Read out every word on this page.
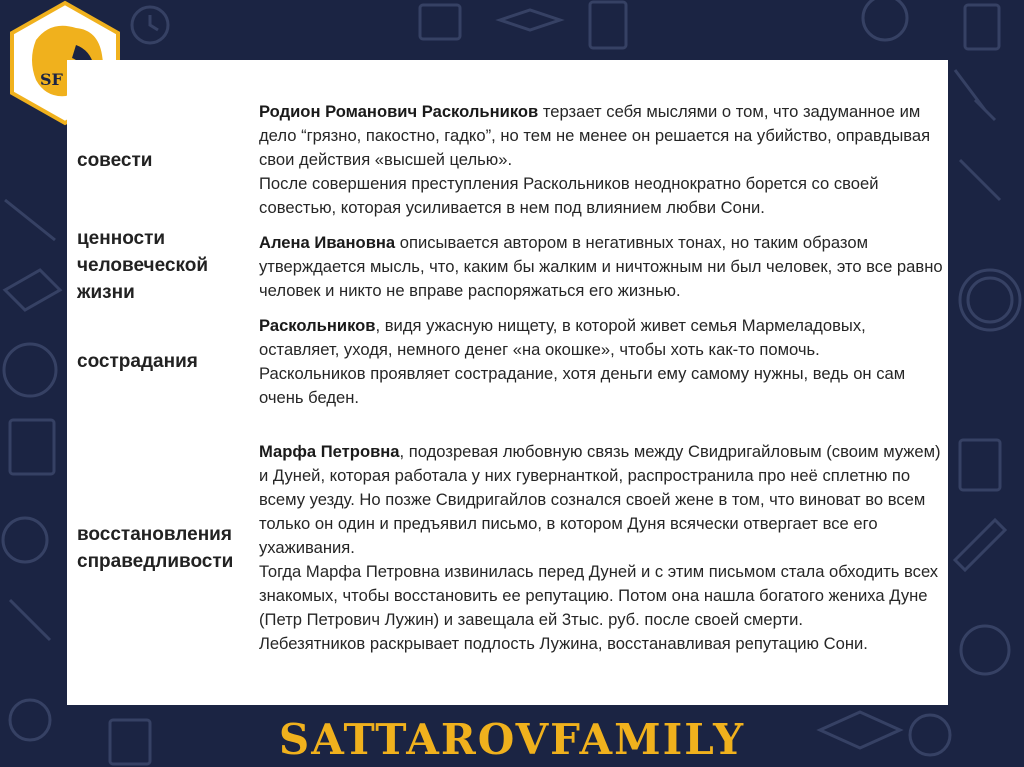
SF
совести
Родион Романович Раскольников терзает себя мыслями о том, что задуманное им дело “грязно, пакостно, гадко”, но тем не менее он решается на убийство, оправдывая свои действия «высшей целью».
После совершения преступления Раскольников неоднократно борется со своей совестью, которая усиливается в нем под влиянием любви Сони.
ценности
человеческой
жизни
Алена Ивановна описывается автором в негативных тонах, но таким образом утверждается мысль, что, каким бы жалким и ничтожным ни был человек, это все равно человек и никто не вправе распоряжаться его жизнью.
сострадания
Раскольников, видя ужасную нищету, в которой живет семья Мармеладовых, оставляет, уходя, немного денег «на окошке», чтобы хоть как-то помочь.
Раскольников проявляет сострадание, хотя деньги ему самому нужны, ведь он сам очень беден.
восстановления
справедливости
Марфа Петровна, подозревая любовную связь между Свидригайловым (своим мужем) и Дуней, которая работала у них гувернанткой, распространила про неё сплетню по всему уезду. Но позже Свидригайлов сознался своей жене в том, что виноват во всем только он один и предъявил письмо, в котором Дуня всячески отвергает все его ухаживания.
Тогда Марфа Петровна извинилась перед Дуней и с этим письмом стала обходить всех знакомых, чтобы восстановить ее репутацию. Потом она нашла богатого жениха Дуне (Петр Петрович Лужин) и завещала ей 3тыс. руб. после своей смерти.
Лебезятников раскрывает подлость Лужина, восстанавливая репутацию Сони.
SATTAROVFAMILY
